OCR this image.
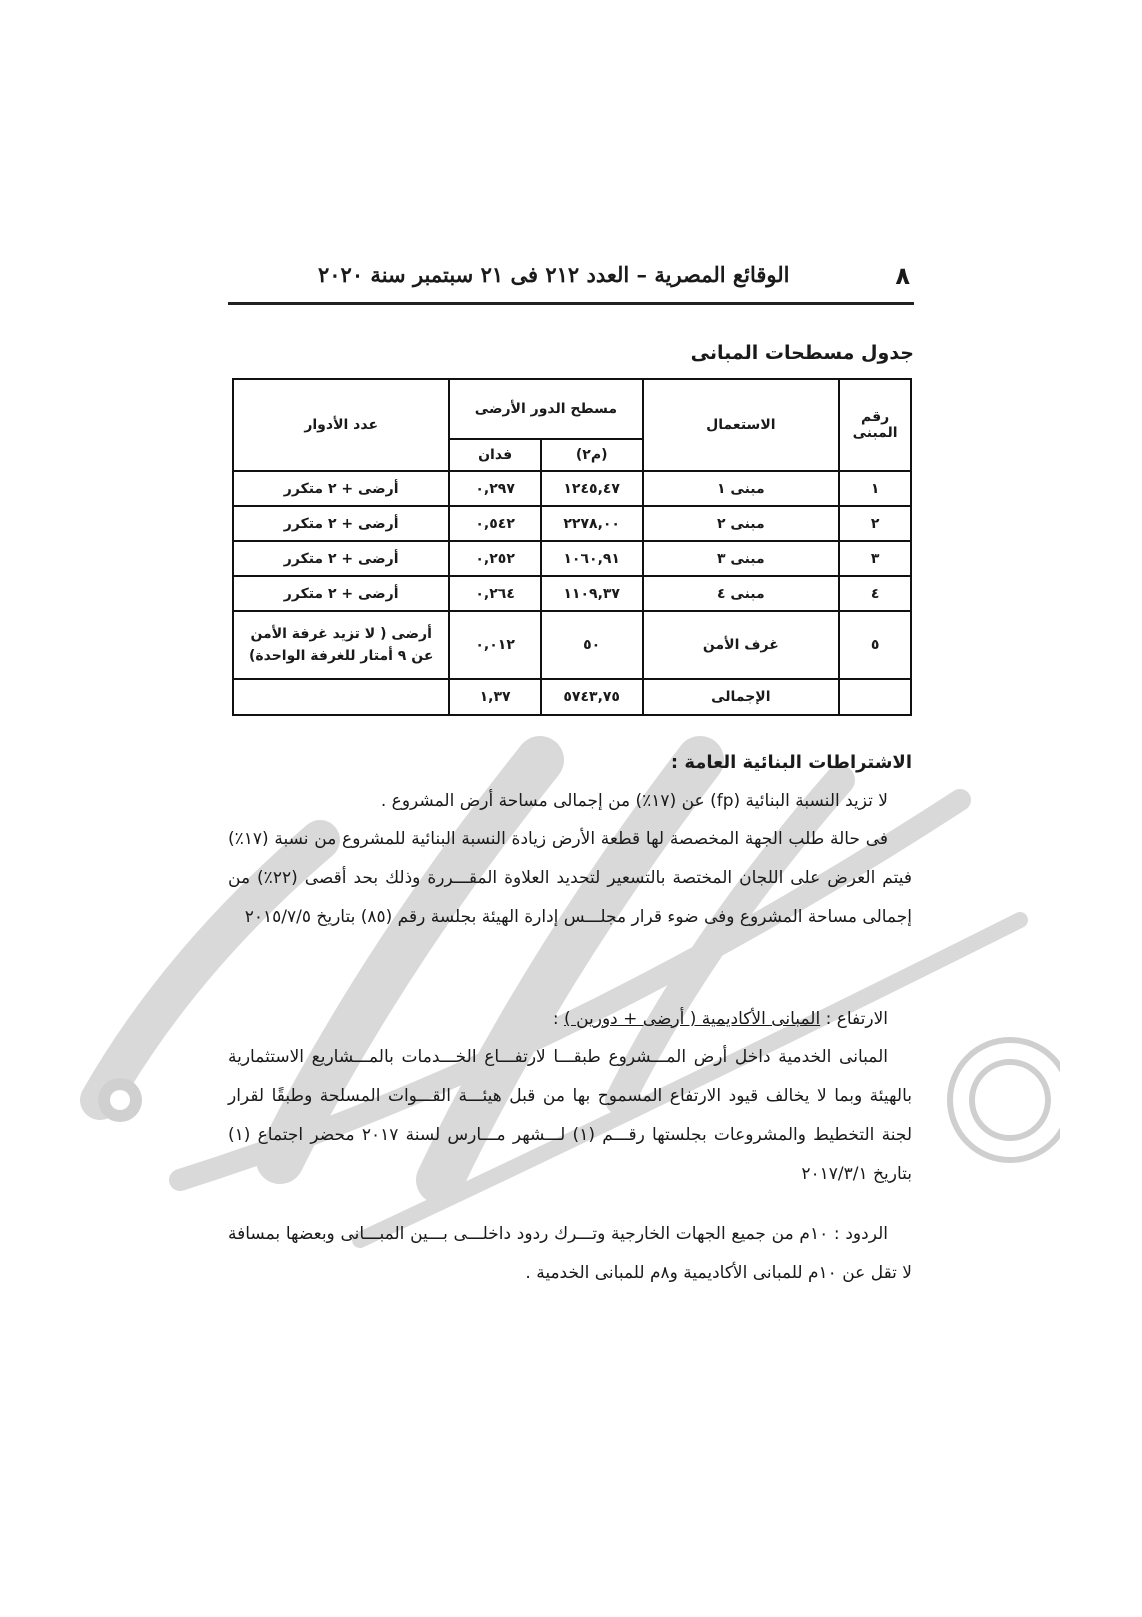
٨
الوقائع المصرية – العدد ٢١٢ فى ٢١ سبتمبر سنة ٢٠٢٠
جدول مسطحات المبانى
رقم المبنى	الاستعمال	مسطح الدور الأرضى		عدد الأدوار
		(م٢)	فدان	
١	مبنى ١	١٢٤٥,٤٧	٠,٢٩٧	أرضى + ٢ متكرر
٢	مبنى ٢	٢٢٧٨,٠٠	٠,٥٤٢	أرضى + ٢ متكرر
٣	مبنى ٣	١٠٦٠,٩١	٠,٢٥٢	أرضى + ٢ متكرر
٤	مبنى ٤	١١٠٩,٣٧	٠,٢٦٤	أرضى + ٢ متكرر
٥	غرف الأمن	٥٠	٠,٠١٢	أرضى ( لا تزيد غرفة الأمن عن ٩ أمتار للغرفة الواحدة)
	الإجمالى	٥٧٤٣,٧٥	١,٣٧	
الاشتراطات البنائية العامة :
لا تزيد النسبة البنائية (fp) عن (١٧٪) من إجمالى مساحة أرض المشروع .
فى حالة طلب الجهة المخصصة لها قطعة الأرض زيادة النسبة البنائية للمشروع من نسبة (١٧٪) فيتم العرض على اللجان المختصة بالتسعير لتحديد العلاوة المقـــررة وذلك بحد أقصى (٢٢٪) من إجمالى مساحة المشروع وفى ضوء قرار مجلـــس إدارة الهيئة بجلسة رقم (٨٥) بتاريخ ٢٠١٥/٧/٥
الارتفاع : المبانى الأكاديمية ( أرضى + دورين ) :
المبانى الخدمية داخل أرض المـــشروع طبقـــا لارتفـــاع الخـــدمات بالمـــشاريع الاستثمارية بالهيئة وبما لا يخالف قيود الارتفاع المسموح بها من قبل هيئـــة القـــوات المسلحة وطبقًا لقرار لجنة التخطيط والمشروعات بجلستها رقـــم (١) لـــشهر مـــارس لسنة ٢٠١٧ محضر اجتماع (١) بتاريخ ٢٠١٧/٣/١
الردود : ١٠م من جميع الجهات الخارجية وتـــرك ردود داخلـــى بـــين المبـــانى وبعضها بمسافة لا تقل عن ١٠م للمبانى الأكاديمية و٨م للمبانى الخدمية .
